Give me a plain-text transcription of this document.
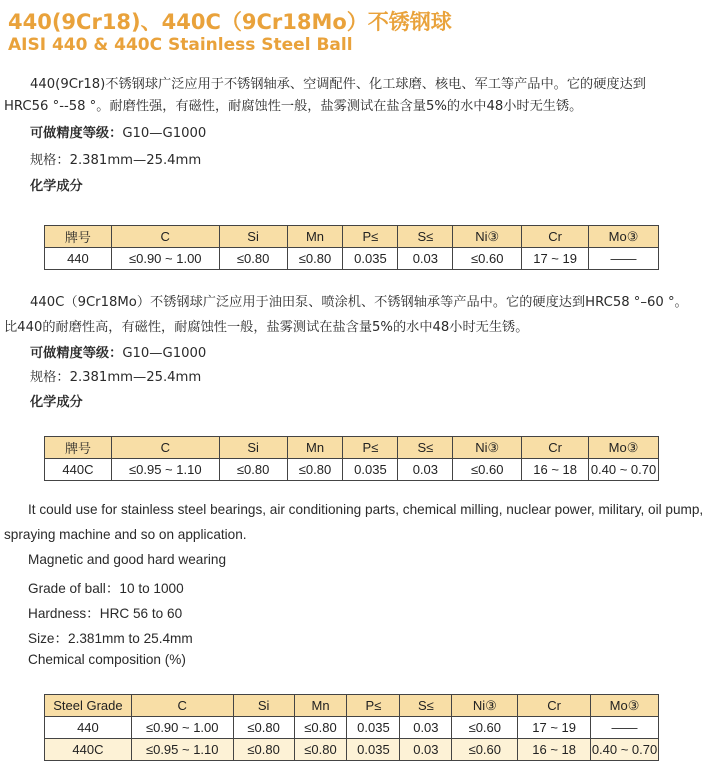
440(9Cr18)、440C（9Cr18Mo）不锈钢球
AISI 440 & 440C Stainless Steel Ball
440(9Cr18)不锈钢球广泛应用于不锈钢轴承、空调配件、化工球磨、核电、军工等产品中。它的硬度达到
HRC56 °--58 °。耐磨性强，有磁性，耐腐蚀性一般，盐雾测试在盐含量5%的水中48小时无生锈。
可做精度等级：G10—G1000
规格：2.381mm—25.4mm
化学成分
牌号	C	Si	Mn	P≤	S≤	Ni③	Cr	Mo③
440	≤0.90 ~ 1.00	≤0.80	≤0.80	0.035	0.03	≤0.60	17 ~ 19	——
440C（9Cr18Mo）不锈钢球广泛应用于油田泵、喷涂机、不锈钢轴承等产品中。它的硬度达到HRC58 °–60 °。
比440的耐磨性高，有磁性，耐腐蚀性一般，盐雾测试在盐含量5%的水中48小时无生锈。
可做精度等级：G10—G1000
规格：2.381mm—25.4mm
化学成分
牌号	C	Si	Mn	P≤	S≤	Ni③	Cr	Mo③
440C	≤0.95 ~ 1.10	≤0.80	≤0.80	0.035	0.03	≤0.60	16 ~ 18	0.40 ~ 0.70
It could use for stainless steel bearings, air conditioning parts, chemical milling, nuclear power, military, oil pump,
spraying machine and so on application.
Magnetic and good hard wearing
Grade of ball：10 to 1000
Hardness：HRC 56 to 60
Size：2.381mm to 25.4mm
Chemical composition (%)
Steel Grade	C	Si	Mn	P≤	S≤	Ni③	Cr	Mo③
440	≤0.90 ~ 1.00	≤0.80	≤0.80	0.035	0.03	≤0.60	17 ~ 19	——
440C	≤0.95 ~ 1.10	≤0.80	≤0.80	0.035	0.03	≤0.60	16 ~ 18	0.40 ~ 0.70
